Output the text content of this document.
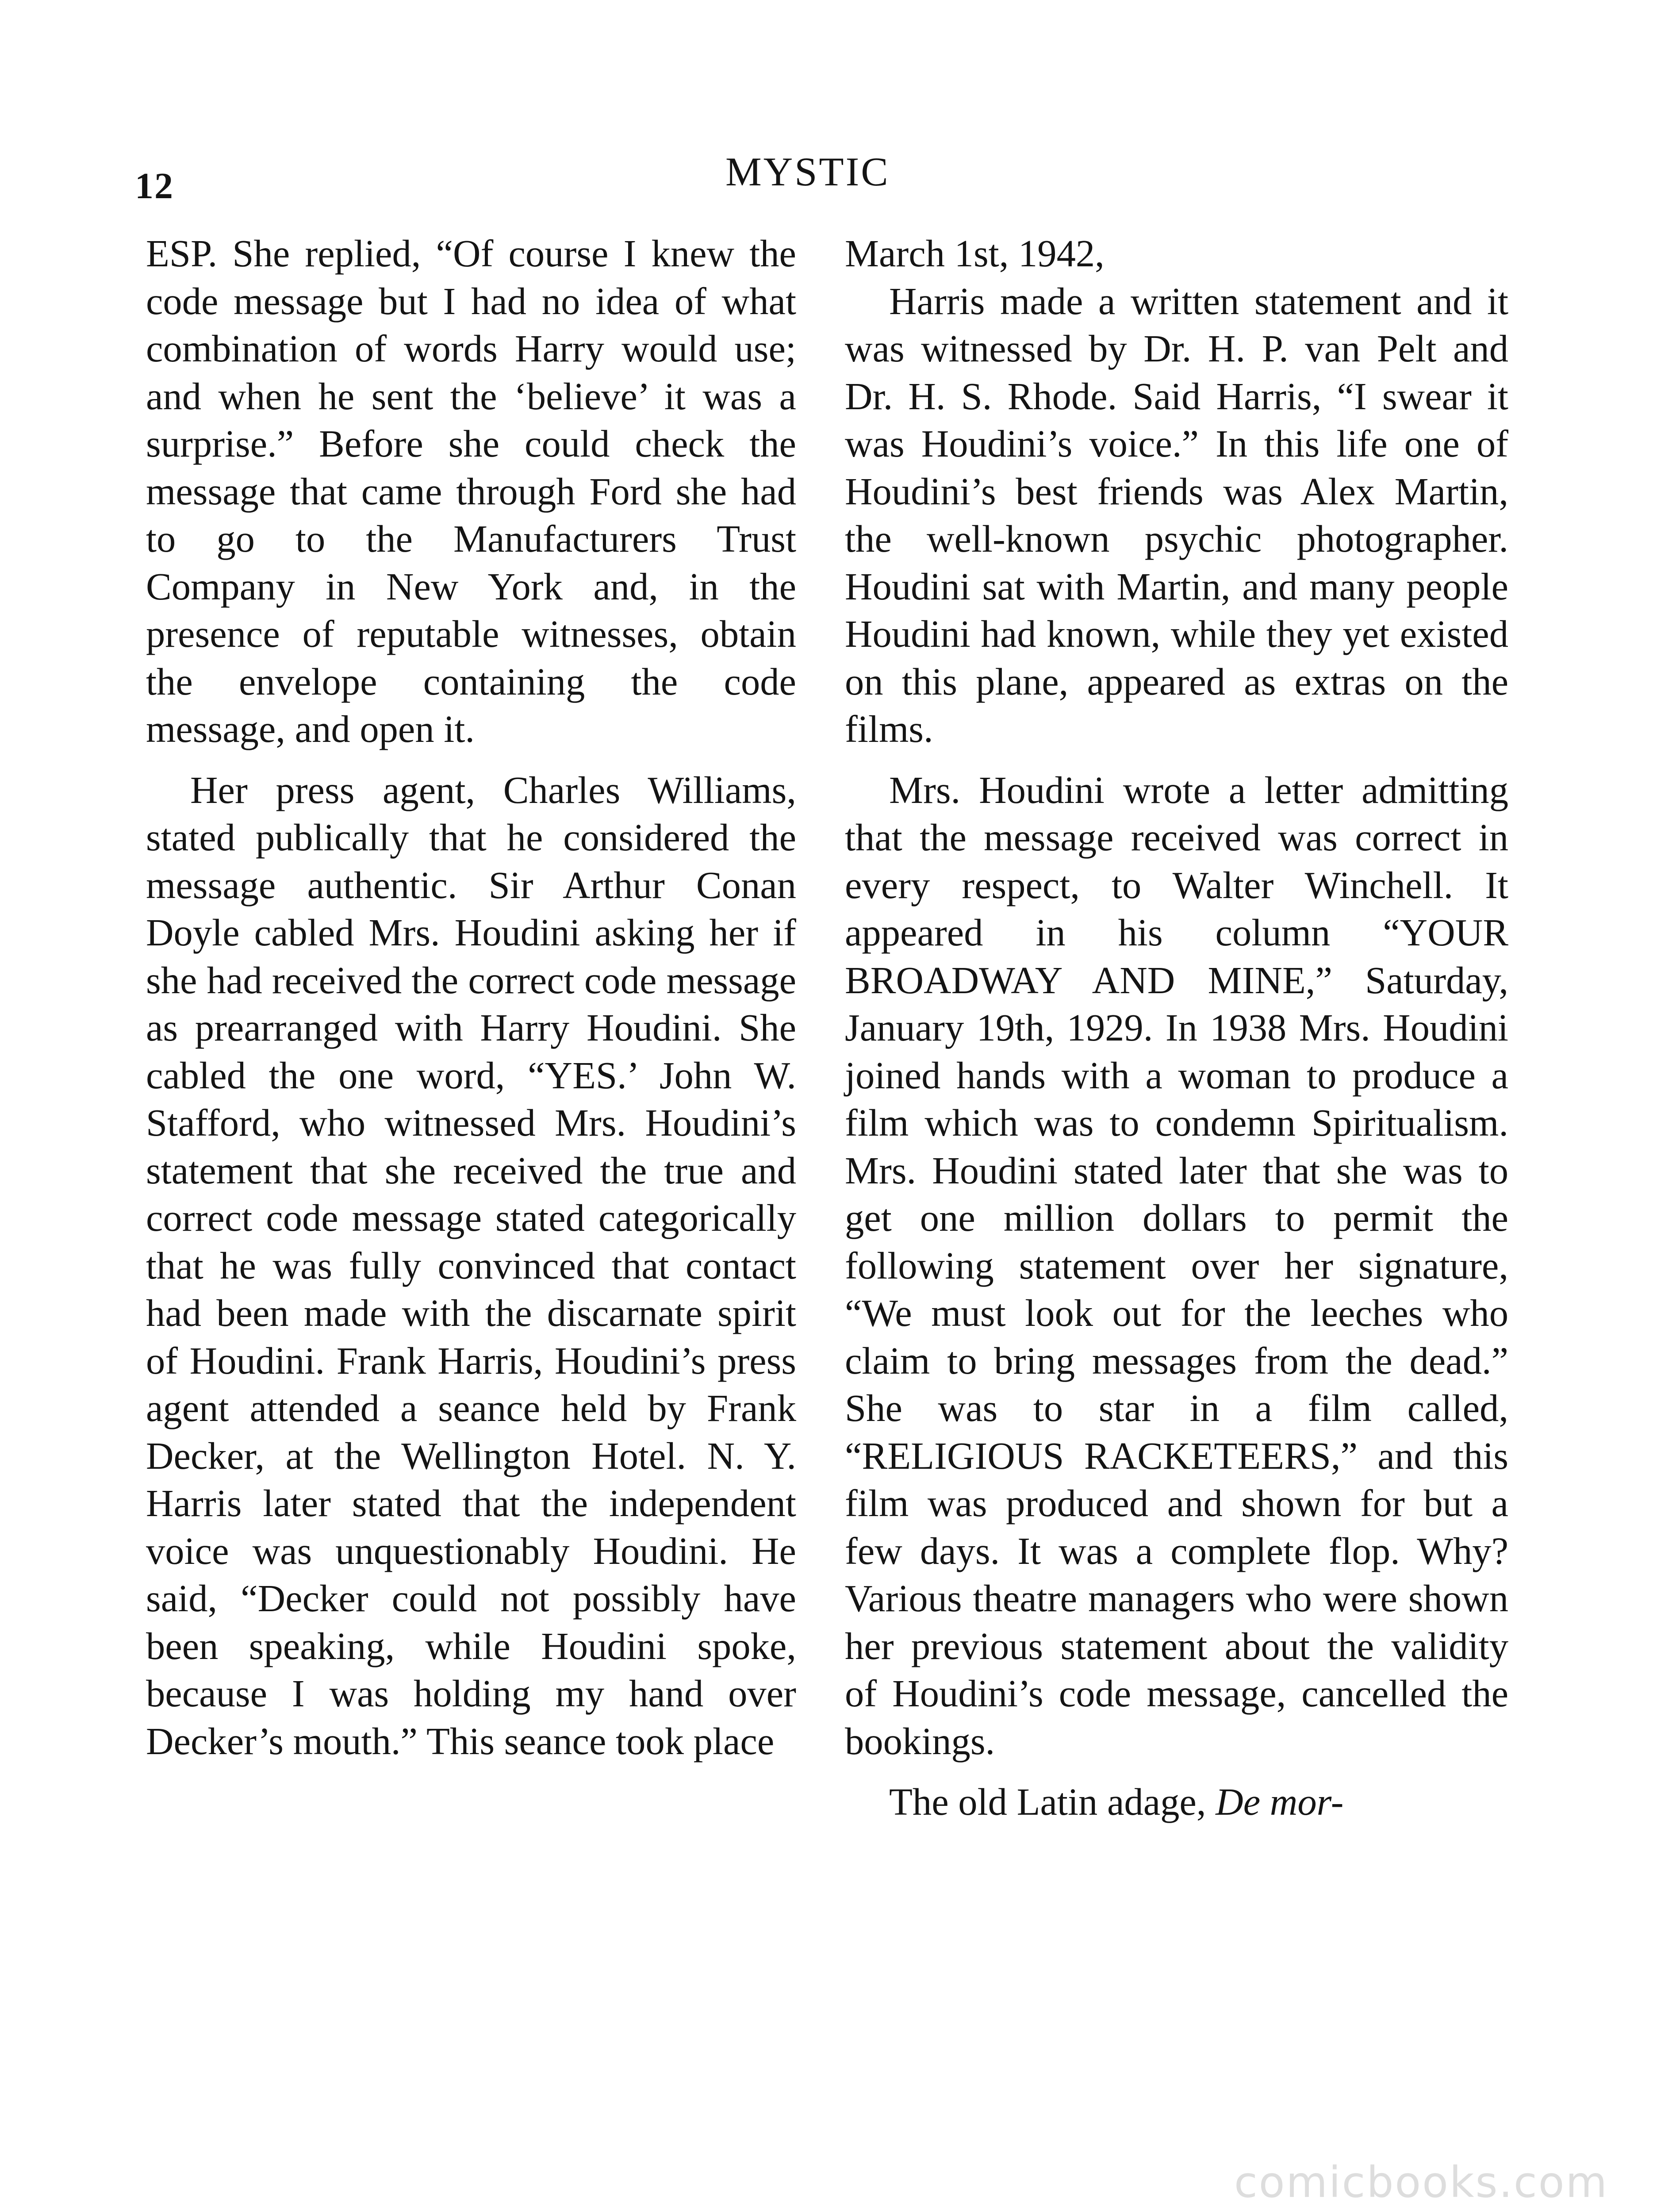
12	MYSTIC

ESP. She replied, “Of course I knew the code message but I had no idea of what combination of words Harry would use; and when he sent the ‘believe’ it was a surprise.” Before she could check the message that came through Ford she had to go to the Manufacturers Trust Company in New York and, in the presence of reputable witnesses, obtain the envelope containing the code message, and open it.

Her press agent, Charles Williams, stated publically that he considered the message authentic. Sir Arthur Conan Doyle cabled Mrs. Houdini asking her if she had received the correct code message as prearranged with Harry Houdini. She cabled the one word, “YES.’ John W. Stafford, who witnessed Mrs. Houdini’s statement that she received the true and correct code message stated categorically that he was fully convinced that contact had been made with the discarnate spirit of Houdini. Frank Harris, Houdini’s press agent attended a seance held by Frank Decker, at the Wellington Hotel. N. Y. Harris later stated that the independent voice was unquestionably Houdini. He said, “Decker could not possibly have been speaking, while Houdini spoke, because I was holding my hand over Decker’s mouth.” This seance took place

March 1st, 1942,

Harris made a written statement and it was witnessed by Dr. H. P. van Pelt and Dr. H. S. Rhode. Said Harris, “I swear it was Houdini’s voice.” In this life one of Houdini’s best friends was Alex Martin, the well-known psychic photographer. Houdini sat with Martin, and many people Houdini had known, while they yet existed on this plane, appeared as extras on the films.

Mrs. Houdini wrote a letter admitting that the message received was correct in every respect, to Walter Winchell. It appeared in his column “YOUR BROADWAY AND MINE,” Saturday, January 19th, 1929. In 1938 Mrs. Houdini joined hands with a woman to produce a film which was to condemn Spiritualism. Mrs. Houdini stated later that she was to get one million dollars to permit the following statement over her signature, “We must look out for the leeches who claim to bring messages from the dead.” She was to star in a film called, “RELIGIOUS RACKETEERS,” and this film was produced and shown for but a few days. It was a complete flop. Why? Various theatre managers who were shown her previous statement about the validity of Houdini’s code message, cancelled the bookings.

The old Latin adage, De mor-

comicbooks.com
